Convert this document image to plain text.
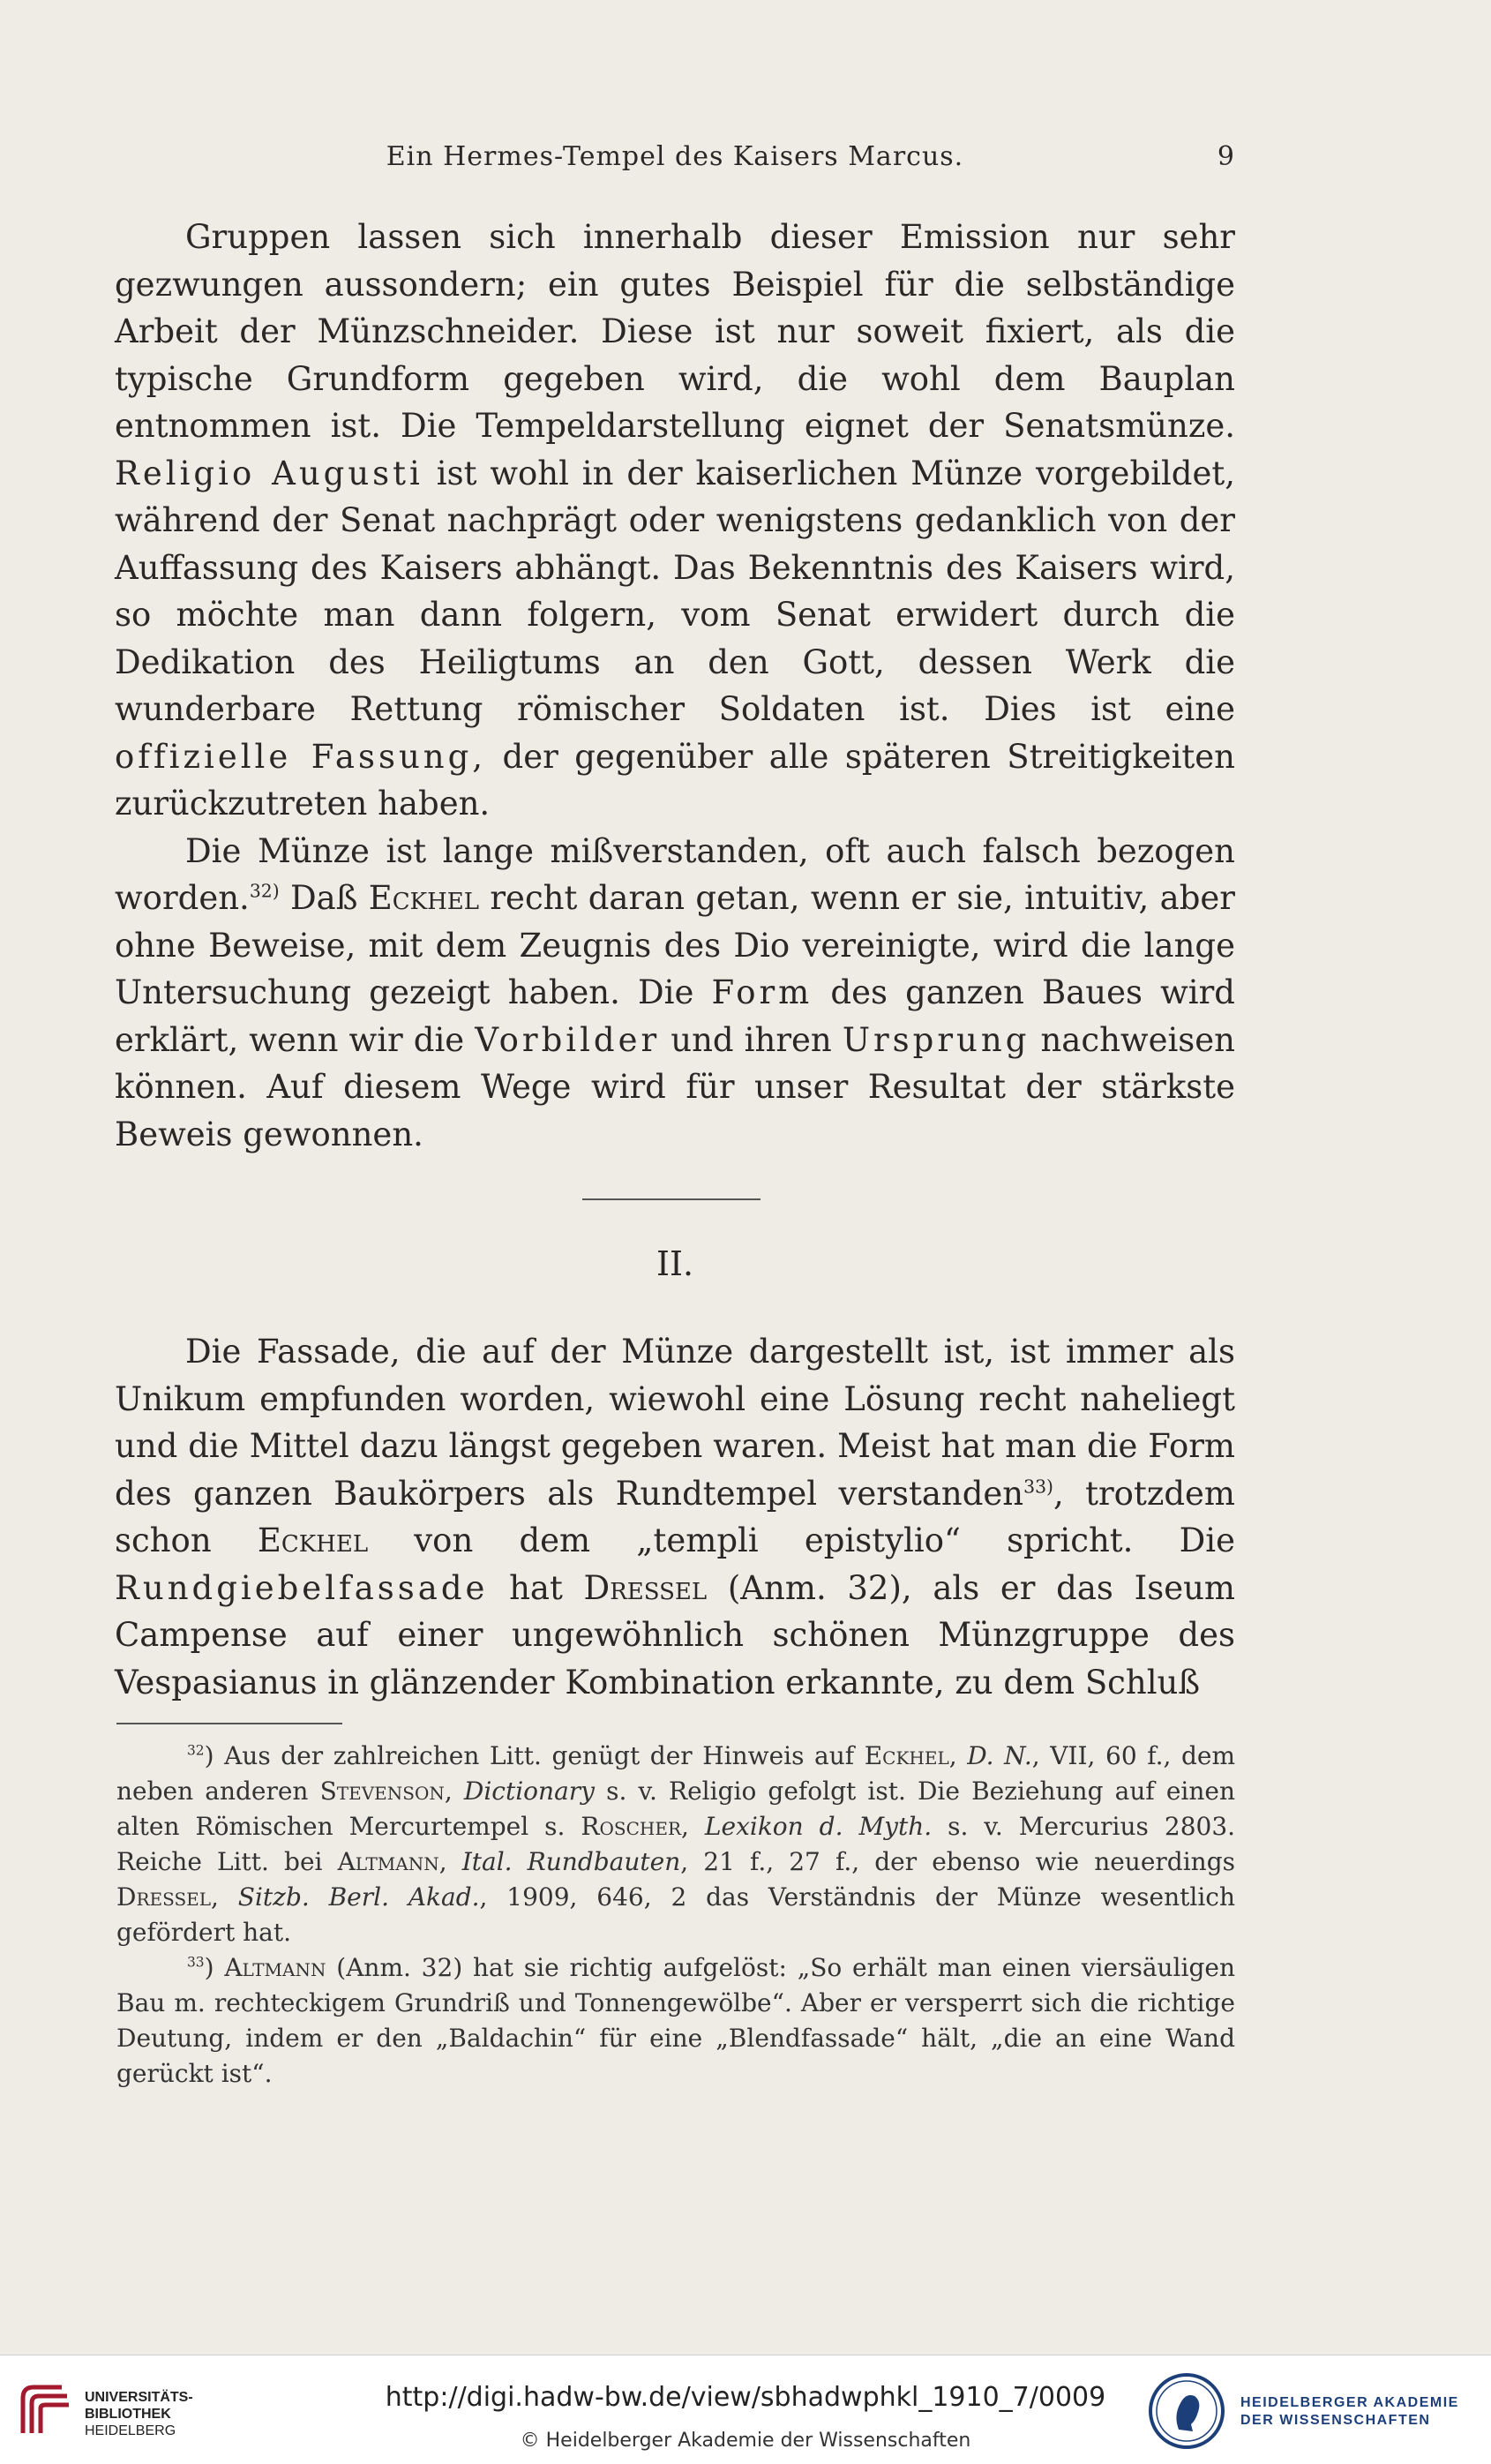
Ein Hermes-Tempel des Kaisers Marcus.	9

Gruppen lassen sich innerhalb dieser Emission nur sehr gezwungen aussondern; ein gutes Beispiel für die selbständige Arbeit der Münzschneider. Diese ist nur soweit fixiert, als die typische Grundform gegeben wird, die wohl dem Bauplan entnommen ist. Die Tempeldarstellung eignet der Senatsmünze. Religio Augusti ist wohl in der kaiserlichen Münze vorgebildet, während der Senat nachprägt oder wenigstens gedanklich von der Auffassung des Kaisers abhängt. Das Bekenntnis des Kaisers wird, so möchte man dann folgern, vom Senat erwidert durch die Dedikation des Heiligtums an den Gott, dessen Werk die wunderbare Rettung römischer Soldaten ist. Dies ist eine offizielle Fassung, der gegenüber alle späteren Streitigkeiten zurückzutreten haben.

Die Münze ist lange mißverstanden, oft auch falsch bezogen worden.$^{32)}$ Daß Eckhel recht daran getan, wenn er sie, intuitiv, aber ohne Beweise, mit dem Zeugnis des Dio vereinigte, wird die lange Untersuchung gezeigt haben. Die Form des ganzen Baues wird erklärt, wenn wir die Vorbilder und ihren Ursprung nachweisen können. Auf diesem Wege wird für unser Resultat der stärkste Beweis gewonnen.

II.

Die Fassade, die auf der Münze dargestellt ist, ist immer als Unikum empfunden worden, wiewohl eine Lösung recht naheliegt und die Mittel dazu längst gegeben waren. Meist hat man die Form des ganzen Baukörpers als Rundtempel verstanden$^{33)}$, trotzdem schon Eckhel von dem „templi epistylio“ spricht. Die Rundgiebelfassade hat Dressel (Anm. 32), als er das Iseum Campense auf einer ungewöhnlich schönen Münzgruppe des Vespasianus in glänzender Kombination erkannte, zu dem Schluß

$^{32}$) Aus der zahlreichen Litt. genügt der Hinweis auf Eckhel, D. N., VII, 60 f., dem neben anderen Stevenson, Dictionary s. v. Religio gefolgt ist. Die Beziehung auf einen alten Römischen Mercurtempel s. Roscher, Lexikon d. Myth. s. v. Mercurius 2803. Reiche Litt. bei Altmann, Ital. Rundbauten, 21 f., 27 f., der ebenso wie neuerdings Dressel, Sitzb. Berl. Akad., 1909, 646, 2 das Verständnis der Münze wesentlich gefördert hat.

$^{33}$) Altmann (Anm. 32) hat sie richtig aufgelöst: „So erhält man einen viersäuligen Bau m. rechteckigem Grundriß und Tonnengewölbe“. Aber er versperrt sich die richtige Deutung, indem er den „Baldachin“ für eine „Blendfassade“ hält, „die an eine Wand gerückt ist“.

UNIVERSITÄTS-
BIBLIOTHEK
HEIDELBERG
http://digi.hadw-bw.de/view/sbhadwphkl_1910_7/0009
© Heidelberger Akademie der Wissenschaften
HEIDELBERGER AKADEMIE
DER WISSENSCHAFTEN
